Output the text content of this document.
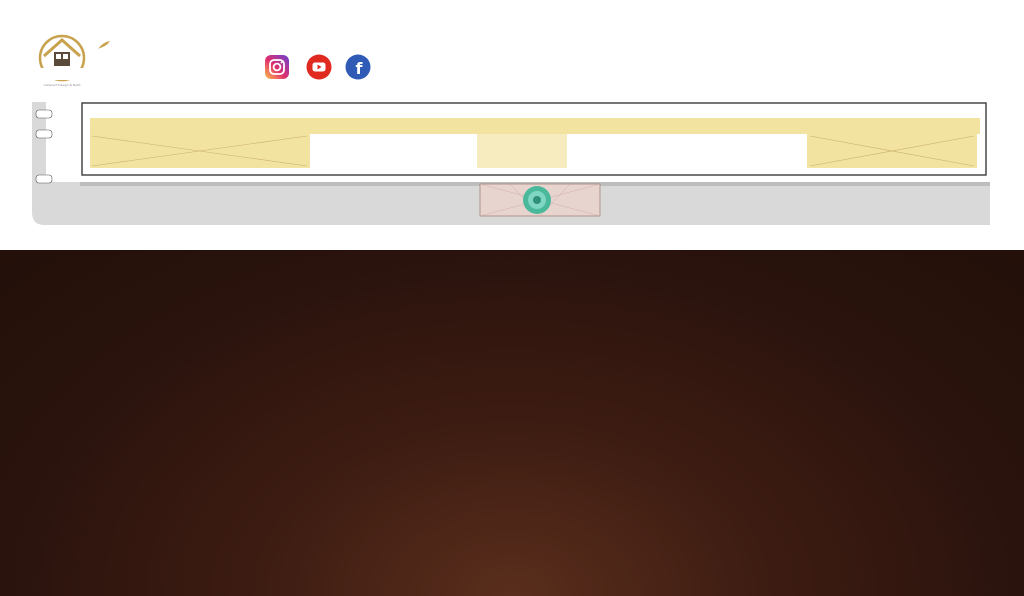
Coherent Design & Build

f
